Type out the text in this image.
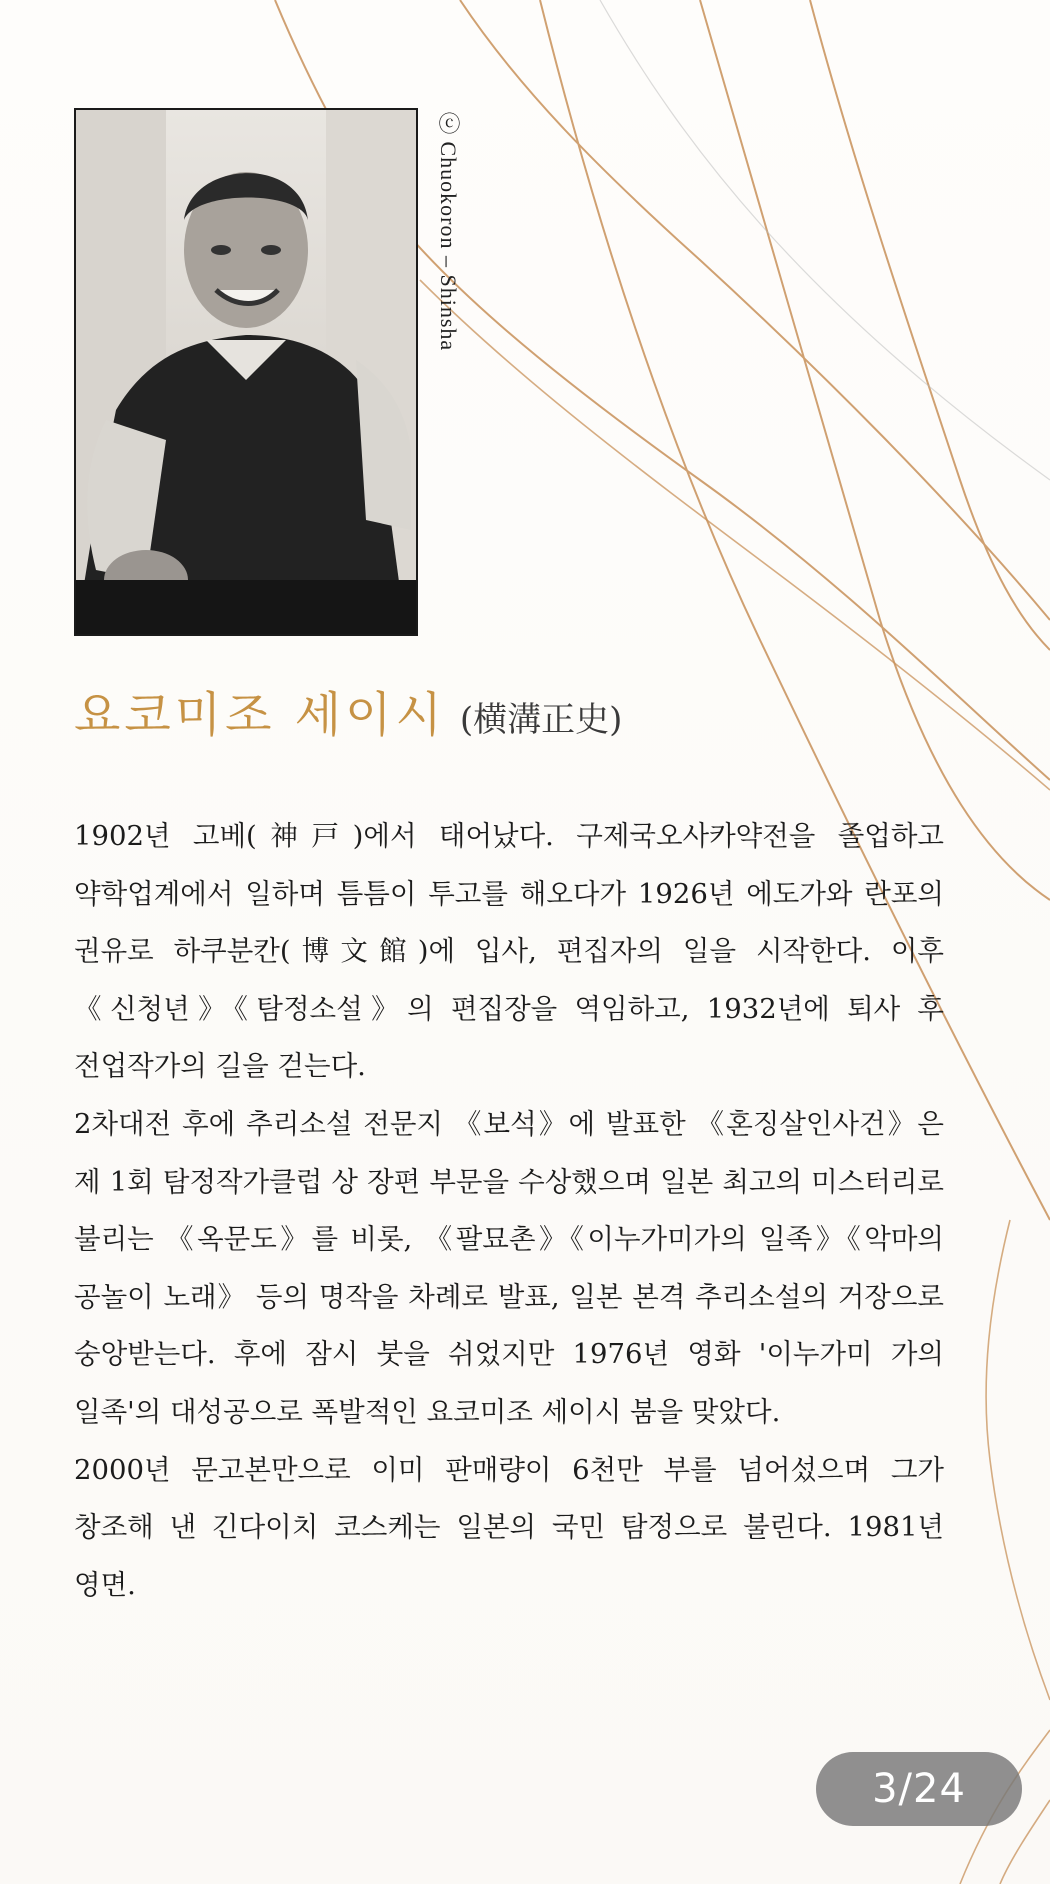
ⓒ Chuokoron – Shinsha
요코미조 세이시 (横溝正史)

1902년 고베(神戸)에서 태어났다. 구제국오사카약전을 졸업하고 약학업계에서 일하며 틈틈이 투고를 해오다가 1926년 에도가와 란포의 권유로 하쿠분칸(博文館)에 입사, 편집자의 일을 시작한다. 이후 《신청년》《탐정소설》의 편집장을 역임하고, 1932년에 퇴사 후 전업작가의 길을 걷는다.

2차대전 후에 추리소설 전문지 《보석》에 발표한 《혼징살인사건》은 제 1회 탐정작가클럽 상 장편 부문을 수상했으며 일본 최고의 미스터리로 불리는 《옥문도》를 비롯, 《팔묘촌》《이누가미가의 일족》《악마의 공놀이 노래》 등의 명작을 차례로 발표, 일본 본격 추리소설의 거장으로 숭앙받는다. 후에 잠시 붓을 쉬었지만 1976년 영화 '이누가미 가의 일족'의 대성공으로 폭발적인 요코미조 세이시 붐을 맞았다.

2000년 문고본만으로 이미 판매량이 6천만 부를 넘어섰으며 그가 창조해 낸 긴다이치 코스케는 일본의 국민 탐정으로 불린다. 1981년 영면.

3/24
